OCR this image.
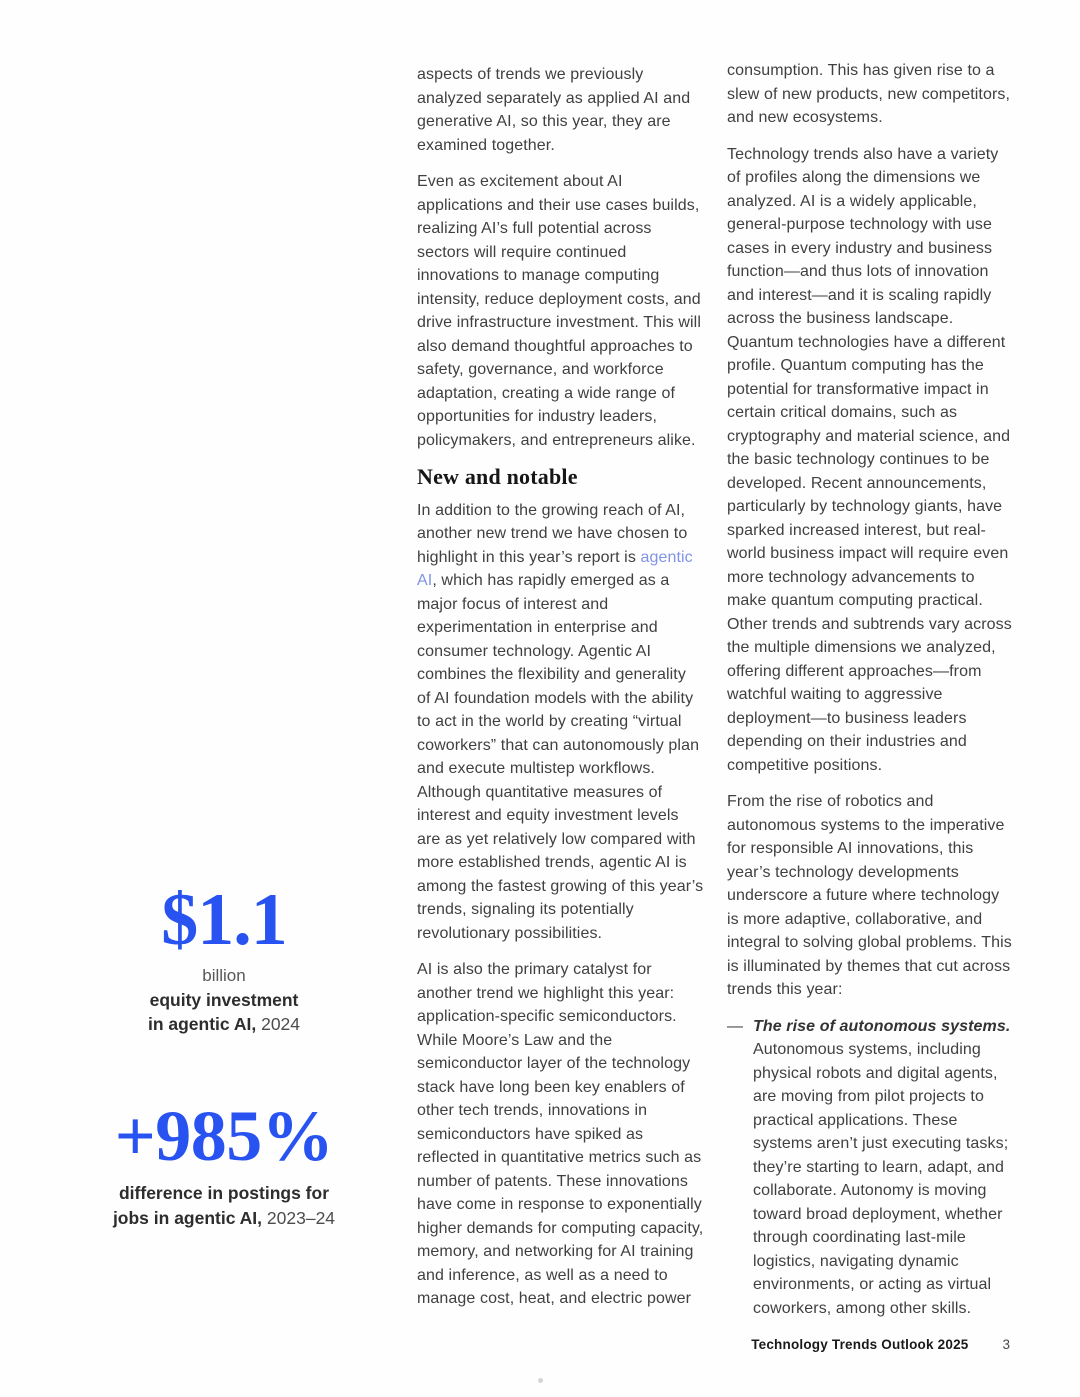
$1.1
billion
equity investment
in agentic AI, 2024
+985%
difference in postings for
jobs in agentic AI, 2023–24

aspects of trends we previously analyzed separately as applied AI and generative AI, so this year, they are examined together.

Even as excitement about AI applications and their use cases builds, realizing AI’s full potential across sectors will require continued innovations to manage computing intensity, reduce deployment costs, and drive infrastructure investment. This will also demand thoughtful approaches to safety, governance, and workforce adaptation, creating a wide range of opportunities for industry leaders, policymakers, and entrepreneurs alike.

New and notable

In addition to the growing reach of AI, another new trend we have chosen to highlight in this year’s report is agentic AI, which has rapidly emerged as a major focus of interest and experimentation in enterprise and consumer technology. Agentic AI combines the flexibility and generality of AI foundation models with the ability to act in the world by creating “virtual coworkers” that can autonomously plan and execute multistep workflows. Although quantitative measures of interest and equity investment levels are as yet relatively low compared with more established trends, agentic AI is among the fastest growing of this year’s trends, signaling its potentially revolutionary possibilities.

AI is also the primary catalyst for another trend we highlight this year: application-specific semiconductors. While Moore’s Law and the semiconductor layer of the technology stack have long been key enablers of other tech trends, innovations in semiconductors have spiked as reflected in quantitative metrics such as number of patents. These innovations have come in response to exponentially higher demands for computing capacity, memory, and networking for AI training and inference, as well as a need to manage cost, heat, and electric power

consumption. This has given rise to a slew of new products, new competitors, and new ecosystems.

Technology trends also have a variety of profiles along the dimensions we analyzed. AI is a widely applicable, general-purpose technology with use cases in every industry and business function—and thus lots of innovation and interest—and it is scaling rapidly across the business landscape. Quantum technologies have a different profile. Quantum computing has the potential for transformative impact in certain critical domains, such as cryptography and material science, and the basic technology continues to be developed. Recent announcements, particularly by technology giants, have sparked increased interest, but real-world business impact will require even more technology advancements to make quantum computing practical. Other trends and subtrends vary across the multiple dimensions we analyzed, offering different approaches—from watchful waiting to aggressive deployment—to business leaders depending on their industries and competitive positions.

From the rise of robotics and autonomous systems to the imperative for responsible AI innovations, this year’s technology developments underscore a future where technology is more adaptive, collaborative, and integral to solving global problems. This is illuminated by themes that cut across trends this year:

— The rise of autonomous systems. Autonomous systems, including physical robots and digital agents, are moving from pilot projects to practical applications. These systems aren’t just executing tasks; they’re starting to learn, adapt, and collaborate. Autonomy is moving toward broad deployment, whether through coordinating last-mile logistics, navigating dynamic environments, or acting as virtual coworkers, among other skills.
Technology Trends Outlook 2025	3
